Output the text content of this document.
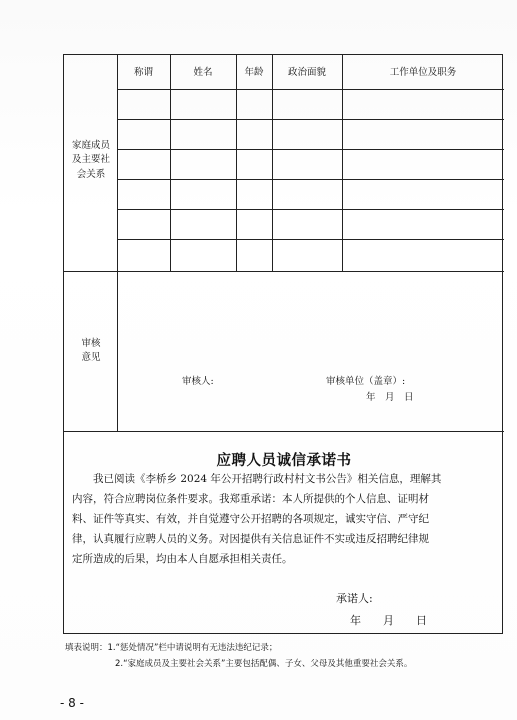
称谓	姓名	年龄	政治面貌	工作单位及职务
家庭成员
及主要社
会关系
审核
意见
审核人:	审核单位（盖章）:
年　月　日
应聘人员诚信承诺书
我已阅读《李桥乡 2024 年公开招聘行政村村文书公告》相关信息，理解其
内容，符合应聘岗位条件要求。我郑重承诺：本人所提供的个人信息、证明材
料、证件等真实、有效，并自觉遵守公开招聘的各项规定，诚实守信、严守纪
律，认真履行应聘人员的义务。对因提供有关信息证件不实或违反招聘纪律规
定所造成的后果，均由本人自愿承担相关责任。
承诺人:
年　　月　　日
填表说明：1.“惩处情况”栏中请说明有无违法违纪记录；
2.“家庭成员及主要社会关系”主要包括配偶、子女、父母及其他重要社会关系。
- 8 -
